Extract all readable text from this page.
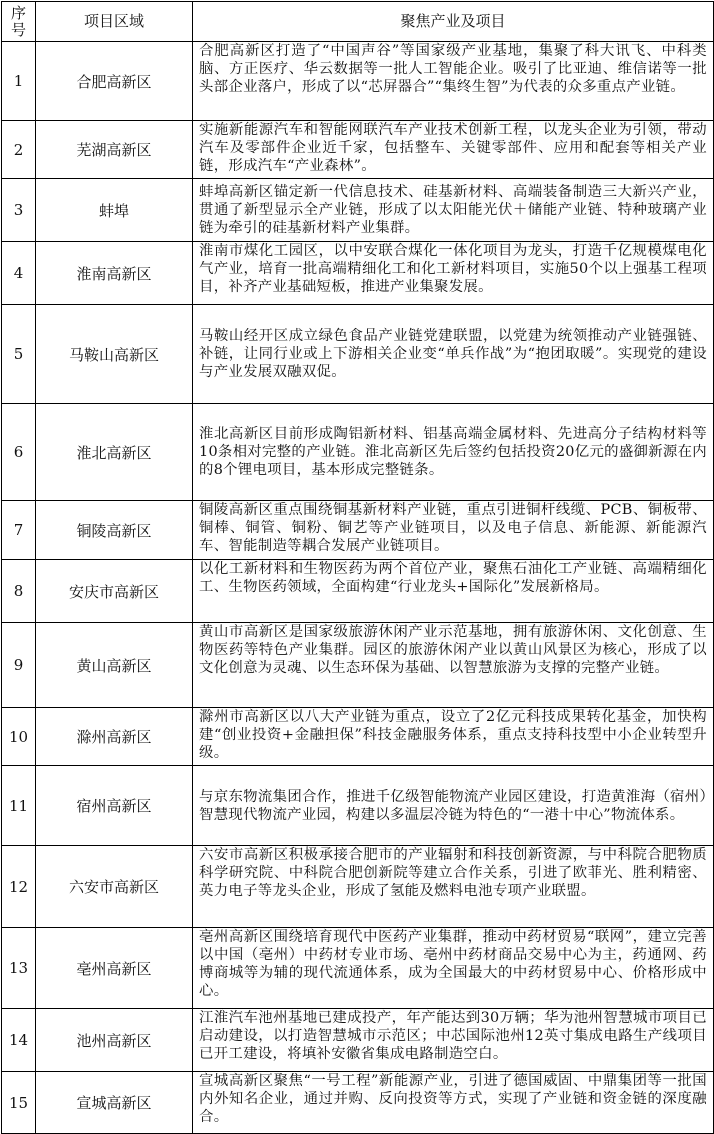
序号	项目区域	聚焦产业及项目
1	合肥高新区	合肥高新区打造了“中国声谷”等国家级产业基地，集聚了科大讯飞、中科类脑、方正医疗、华云数据等一批人工智能企业。吸引了比亚迪、维信诺等一批头部企业落户，形成了以“芯屏器合”“集终生智”为代表的众多重点产业链。
2	芜湖高新区	实施新能源汽车和智能网联汽车产业技术创新工程，以龙头企业为引领，带动汽车及零部件企业近千家，包括整车、关键零部件、应用和配套等相关产业链，形成汽车“产业森林”。
3	蚌埠	蚌埠高新区锚定新一代信息技术、硅基新材料、高端装备制造三大新兴产业，贯通了新型显示全产业链，形成了以太阳能光伏＋储能产业链、特种玻璃产业链为牵引的硅基新材料产业集群。
4	淮南高新区	淮南市煤化工园区，以中安联合煤化一体化项目为龙头，打造千亿规模煤电化气产业，培育一批高端精细化工和化工新材料项目，实施50个以上强基工程项目，补齐产业基础短板，推进产业集聚发展。
5	马鞍山高新区	马鞍山经开区成立绿色食品产业链党建联盟，以党建为统领推动产业链强链、补链，让同行业或上下游相关企业变“单兵作战”为“抱团取暖”。实现党的建设与产业发展双融双促。
6	淮北高新区	淮北高新区目前形成陶铝新材料、铝基高端金属材料、先进高分子结构材料等10条相对完整的产业链。淮北高新区先后签约包括投资20亿元的盛御新源在内的8个锂电项目，基本形成完整链条。
7	铜陵高新区	铜陵高新区重点围绕铜基新材料产业链，重点引进铜杆线缆、PCB、铜板带、铜棒、铜管、铜粉、铜艺等产业链项目，以及电子信息、新能源、新能源汽车、智能制造等耦合发展产业链项目。
8	安庆市高新区	以化工新材料和生物医药为两个首位产业，聚焦石油化工产业链、高端精细化工、生物医药领域，全面构建“行业龙头+国际化”发展新格局。
9	黄山高新区	黄山市高新区是国家级旅游休闲产业示范基地，拥有旅游休闲、文化创意、生物医药等特色产业集群。园区的旅游休闲产业以黄山风景区为核心，形成了以文化创意为灵魂、以生态环保为基础、以智慧旅游为支撑的完整产业链。
10	滁州高新区	滁州市高新区以八大产业链为重点，设立了2亿元科技成果转化基金，加快构建“创业投资+金融担保”科技金融服务体系，重点支持科技型中小企业转型升级。
11	宿州高新区	与京东物流集团合作，推进千亿级智能物流产业园区建设，打造黄淮海（宿州）智慧现代物流产业园，构建以多温层冷链为特色的“一港十中心”物流体系。
12	六安市高新区	六安市高新区积极承接合肥市的产业辐射和科技创新资源，与中科院合肥物质科学研究院、中科院合肥创新院等建立合作关系，引进了欧菲光、胜利精密、英力电子等龙头企业，形成了氢能及燃料电池专项产业联盟。
13	亳州高新区	亳州高新区围绕培育现代中医药产业集群，推动中药材贸易“联网”，建立完善以中国（亳州）中药材专业市场、亳州中药材商品交易中心为主，药通网、药博商城等为辅的现代流通体系，成为全国最大的中药材贸易中心、价格形成中心。
14	池州高新区	江淮汽车池州基地已建成投产，年产能达到30万辆；华为池州智慧城市项目已启动建设，以打造智慧城市示范区；中芯国际池州12英寸集成电路生产线项目已开工建设，将填补安徽省集成电路制造空白。
15	宣城高新区	宣城高新区聚焦“一号工程”新能源产业，引进了德国威固、中鼎集团等一批国内外知名企业，通过并购、反向投资等方式，实现了产业链和资金链的深度融合。
